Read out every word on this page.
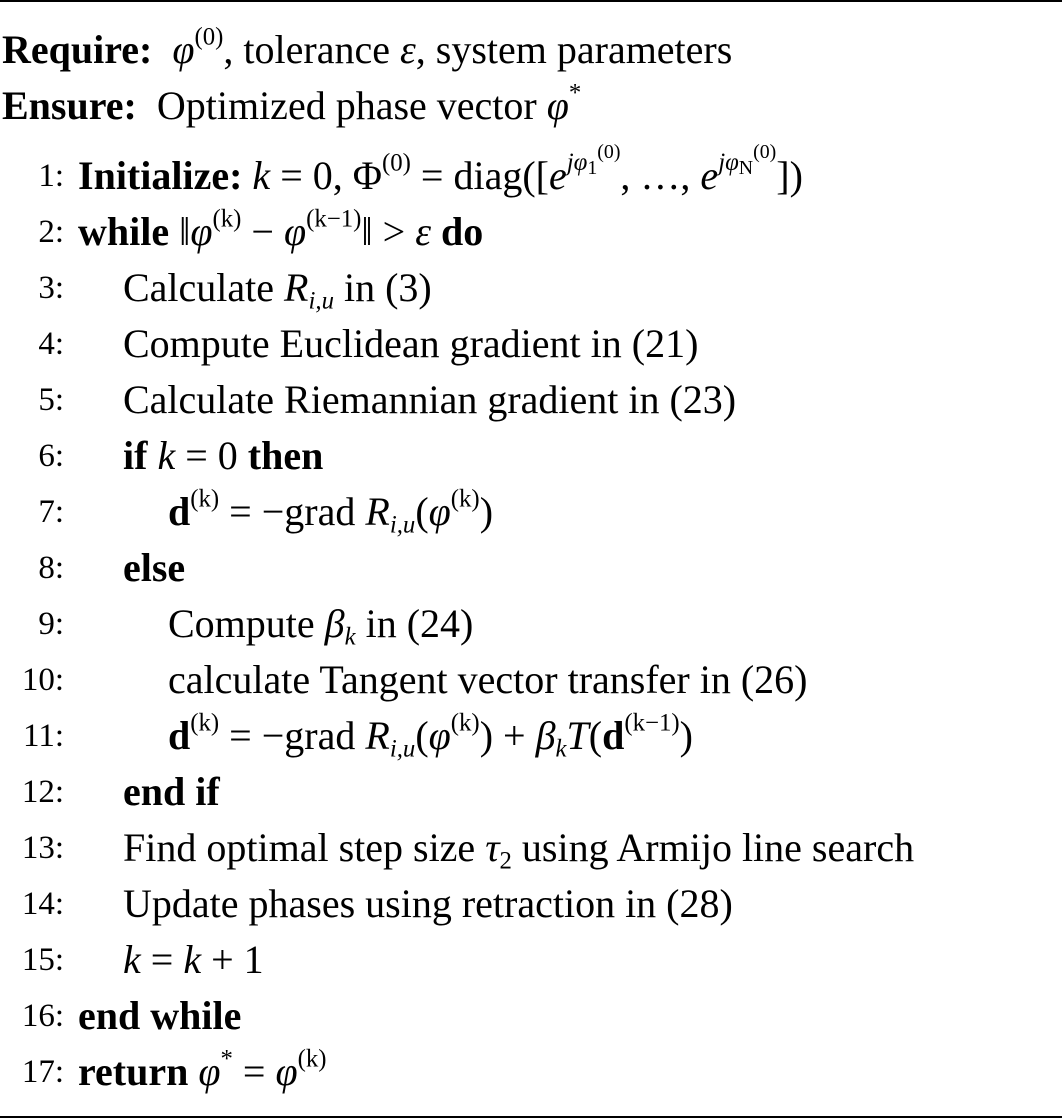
Require: $\varphi^{(0)}$, tolerance ε, system parameters
Ensure: Optimized phase vector φ*
1: Initialize: k = 0, $\Phi^{(0)}$ = $diag([e^{j\varphi_1^{(0)}}$, …, $e^{j\varphi_N^{(0)}}$])
2: while $‖\varphi^{(k)}$ − $\varphi^{(k-1)}‖ > \varepsilon$ do
3: Calculate $R_{i,u}$ in (3)
4: Compute Euclidean gradient in (21)
5: Calculate Riemannian gradient in (23)
6: if k = 0 then
7:	$d^{(k)}$ = −grad $R_{i,u}(\varphi^{(k)})$
8: else
9:	Compute $\beta_k$ in (24)
10:	calculate Tangent vector transfer in (26)
11:	$d^{(k)}$ = −grad $R_{i,u}(\varphi^{(k)}) + \beta_kT(d^{(k-1)})$
12: end if
13: Find optimal step size $\tau_2$ using Armijo line search
14: Update phases using retraction in (28)
15: k = k + 1
16: end while
17: return $\varphi^* = \varphi^{(k)}$
